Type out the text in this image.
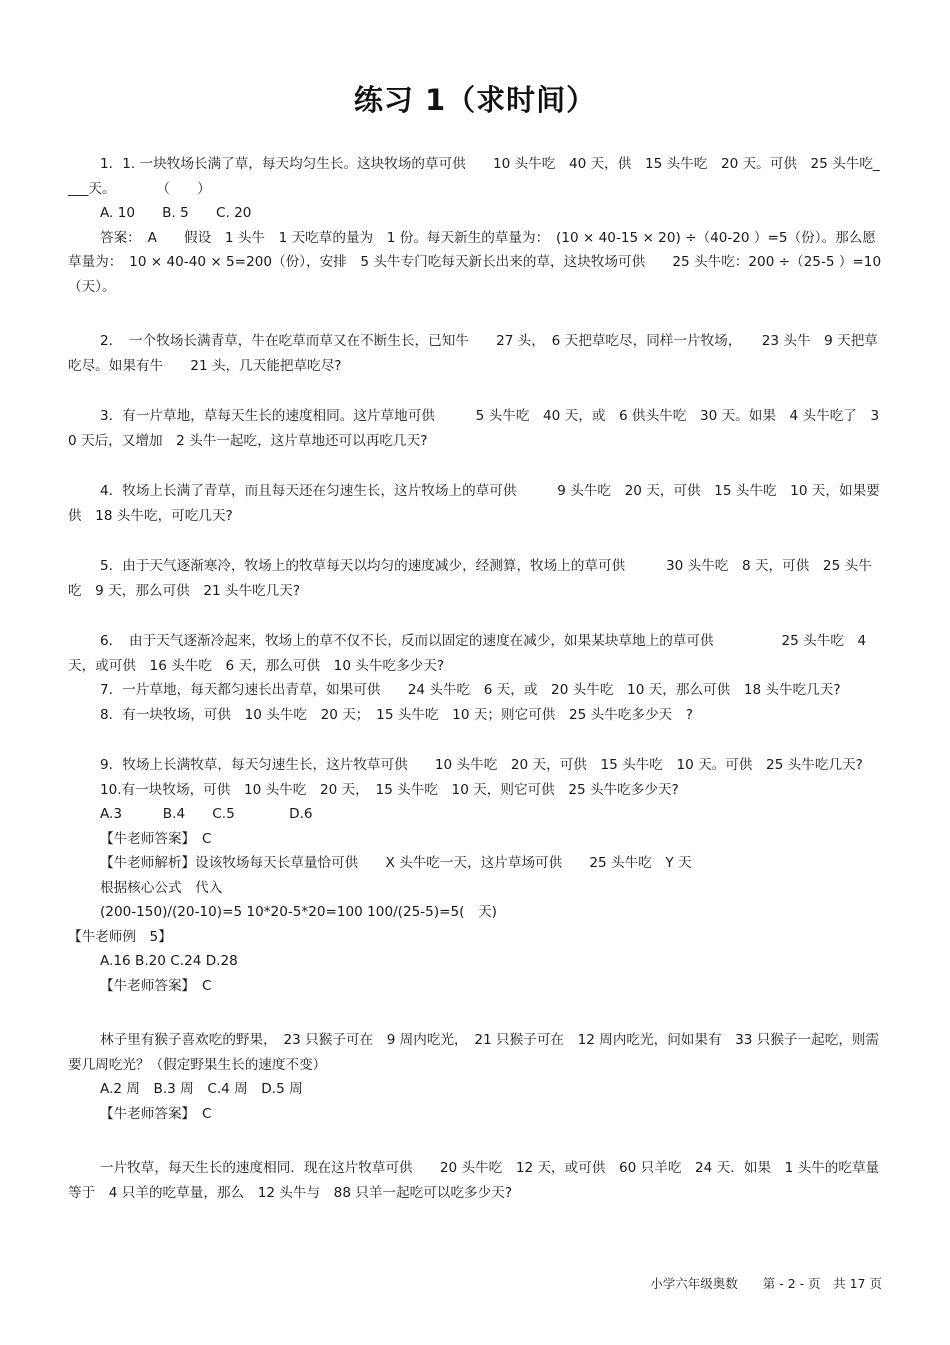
练习 1（求时间）

1．1. 一块牧场长满了草，每天均匀生长。这块牧场的草可供　　10 头牛吃　40 天，供　15 头牛吃　20 天。可供　25 头牛吃____天。　　　　（　　）

A. 10　　B. 5　　C. 20

答案：　A　　假设　1 头牛　1 天吃草的量为　1 份。每天新生的草量为：　(10 × 40-15 × 20) ÷（40-20 ）=5（份）。那么愿草量为：　10 × 40-40 × 5=200（份），安排　5 头牛专门吃每天新长出来的草，这块牧场可供　　25 头牛吃：200 ÷（25-5 ）=10（天）。

2．　一个牧场长满青草，牛在吃草而草又在不断生长，已知牛　　27 头，　6 天把草吃尽，同样一片牧场，　　23 头牛　9 天把草吃尽。如果有牛　　21 头，几天能把草吃尽?

3．有一片草地，草每天生长的速度相同。这片草地可供　　　5 头牛吃　40 天，或　6 供头牛吃　30 天。如果　4 头牛吃了　30 天后，又增加　2 头牛一起吃，这片草地还可以再吃几天?

4．牧场上长满了青草，而且每天还在匀速生长，这片牧场上的草可供　　　9 头牛吃　20 天，可供　15 头牛吃　10 天，如果要供　18 头牛吃，可吃几天?

5．由于天气逐渐寒冷，牧场上的牧草每天以均匀的速度减少，经测算，牧场上的草可供　　　30 头牛吃　8 天，可供　25 头牛吃　9 天，那么可供　21 头牛吃几天?

6．　由于天气逐渐冷起来，牧场上的草不仅不长，反而以固定的速度在减少，如果某块草地上的草可供　　　　　25 头牛吃　4 天，或可供　16 头牛吃　6 天，那么可供　10 头牛吃多少天?

7．一片草地，每天都匀速长出青草，如果可供　　24 头牛吃　6 天，或　20 头牛吃　10 天，那么可供　18 头牛吃几天?

8．有一块牧场，可供　10 头牛吃　20 天；　15 头牛吃　10 天；则它可供　25 头牛吃多少天　?

9．牧场上长满牧草，每天匀速生长，这片牧草可供　　10 头牛吃　20 天，可供　15 头牛吃　10 天。可供　25 头牛吃几天?

10.有一块牧场，可供　10 头牛吃　20 天，　15 头牛吃　10 天，则它可供　25 头牛吃多少天?

A.3　　　B.4　　C.5　　　　D.6

【牛老师答案】　C

【牛老师解析】设该牧场每天长草量恰可供　　X 头牛吃一天，这片草场可供　　25 头牛吃　Y 天

根据核心公式　代入

(200-150)/(20-10)=5 10*20-5*20=100 100/(25-5)=5(　天)

【牛老师例　5】

A.16 B.20 C.24 D.28

【牛老师答案】　C

林子里有猴子喜欢吃的野果，　23 只猴子可在　9 周内吃光，　21 只猴子可在　12 周内吃光，问如果有　33 只猴子一起吃，则需要几周吃光？（假定野果生长的速度不变）

A.2 周　B.3 周　C.4 周　D.5 周

【牛老师答案】　C

一片牧草，每天生长的速度相同．现在这片牧草可供　　20 头牛吃　12 天，或可供　60 只羊吃　24 天．如果　1 头牛的吃草量等于　4 只羊的吃草量，那么　12 头牛与　88 只羊一起吃可以吃多少天?

小学六年级奥数　　第 - 2 - 页　共 17 页
